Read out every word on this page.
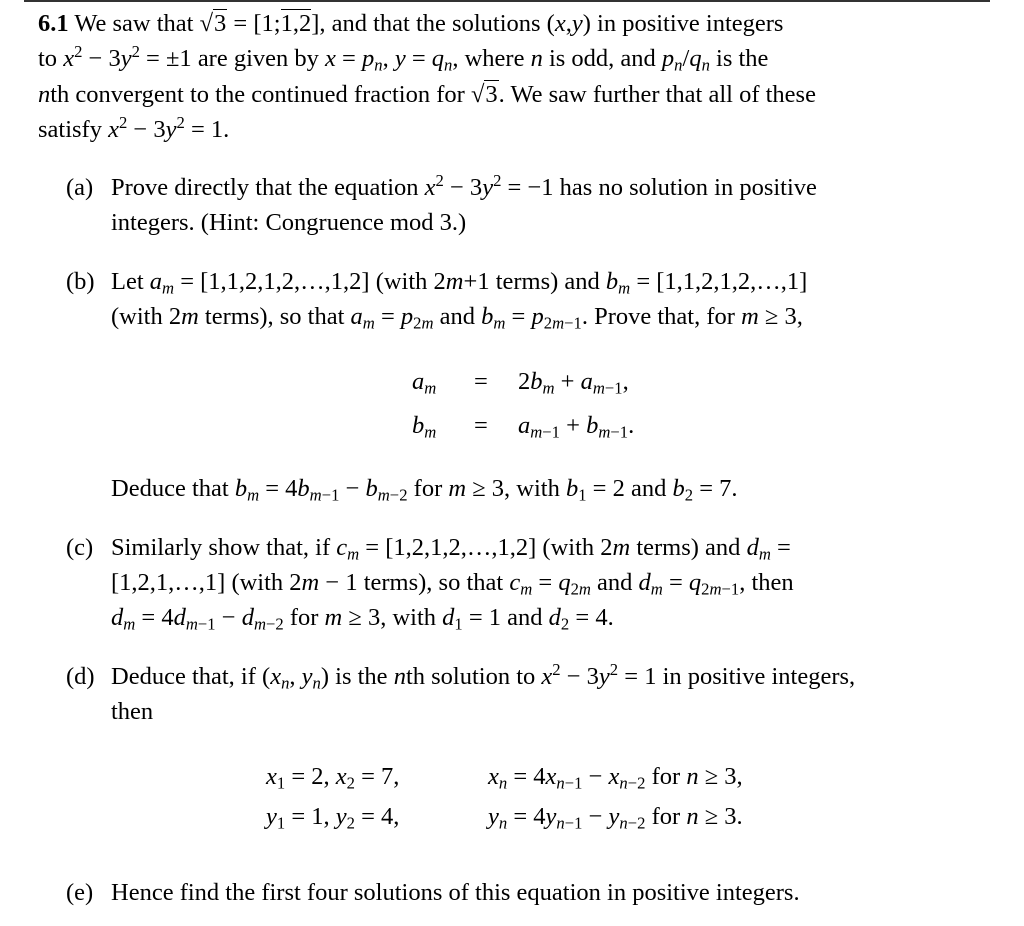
6.1 We saw that √3 = [1;1,2], and that the solutions (x,y) in positive integers
to $x^2 - 3y^2 = \pm 1$ are given by $x = p_n$, $y = q_n$, where n is odd, and $p_n/q_n$ is the
nth convergent to the continued fraction for √3. We saw further that all of these
satisfy $x^2 - 3y^2 = 1$.
(a) Prove directly that the equation $x^2 - 3y^2 = -1$ has no solution in positive
integers. (Hint: Congruence mod 3.)
(b) Let $a_m$ = [1,1,2,1,2,…,1,2] (with 2m+1 terms) and $b_m$ = [1,1,2,1,2,…,1]
(with 2m terms), so that $a_m = p_{2m}$ and $b_m = p_{2m-1}$. Prove that, for m ≥ 3,
$a_m = 2b_m + a_{m-1}$,
$b_m = a_{m-1} + b_{m-1}$.
Deduce that $b_m = 4b_{m-1} - b_{m-2}$ for m ≥ 3, with $b_1 = 2$ and $b_2 = 7$.
(c) Similarly show that, if $c_m$ = [1,2,1,2,…,1,2] (with 2m terms) and $d_m$ =
[1,2,1,…,1] (with 2m − 1 terms), so that $c_m = q_{2m}$ and $d_m = q_{2m-1}$, then
$d_m = 4d_{m-1} - d_{m-2}$ for m ≥ 3, with $d_1 = 1$ and $d_2 = 4$.
(d) Deduce that, if ($x_n$, $y_n$) is the nth solution to $x^2 - 3y^2 = 1$ in positive integers,
then
$x_1 = 2$, $x_2 = 7$,	$x_n = 4x_{n-1} - x_{n-2}$ for n ≥ 3,
$y_1 = 1$, $y_2 = 4$,	$y_n = 4y_{n-1} - y_{n-2}$ for n ≥ 3.
(e) Hence find the first four solutions of this equation in positive integers.
